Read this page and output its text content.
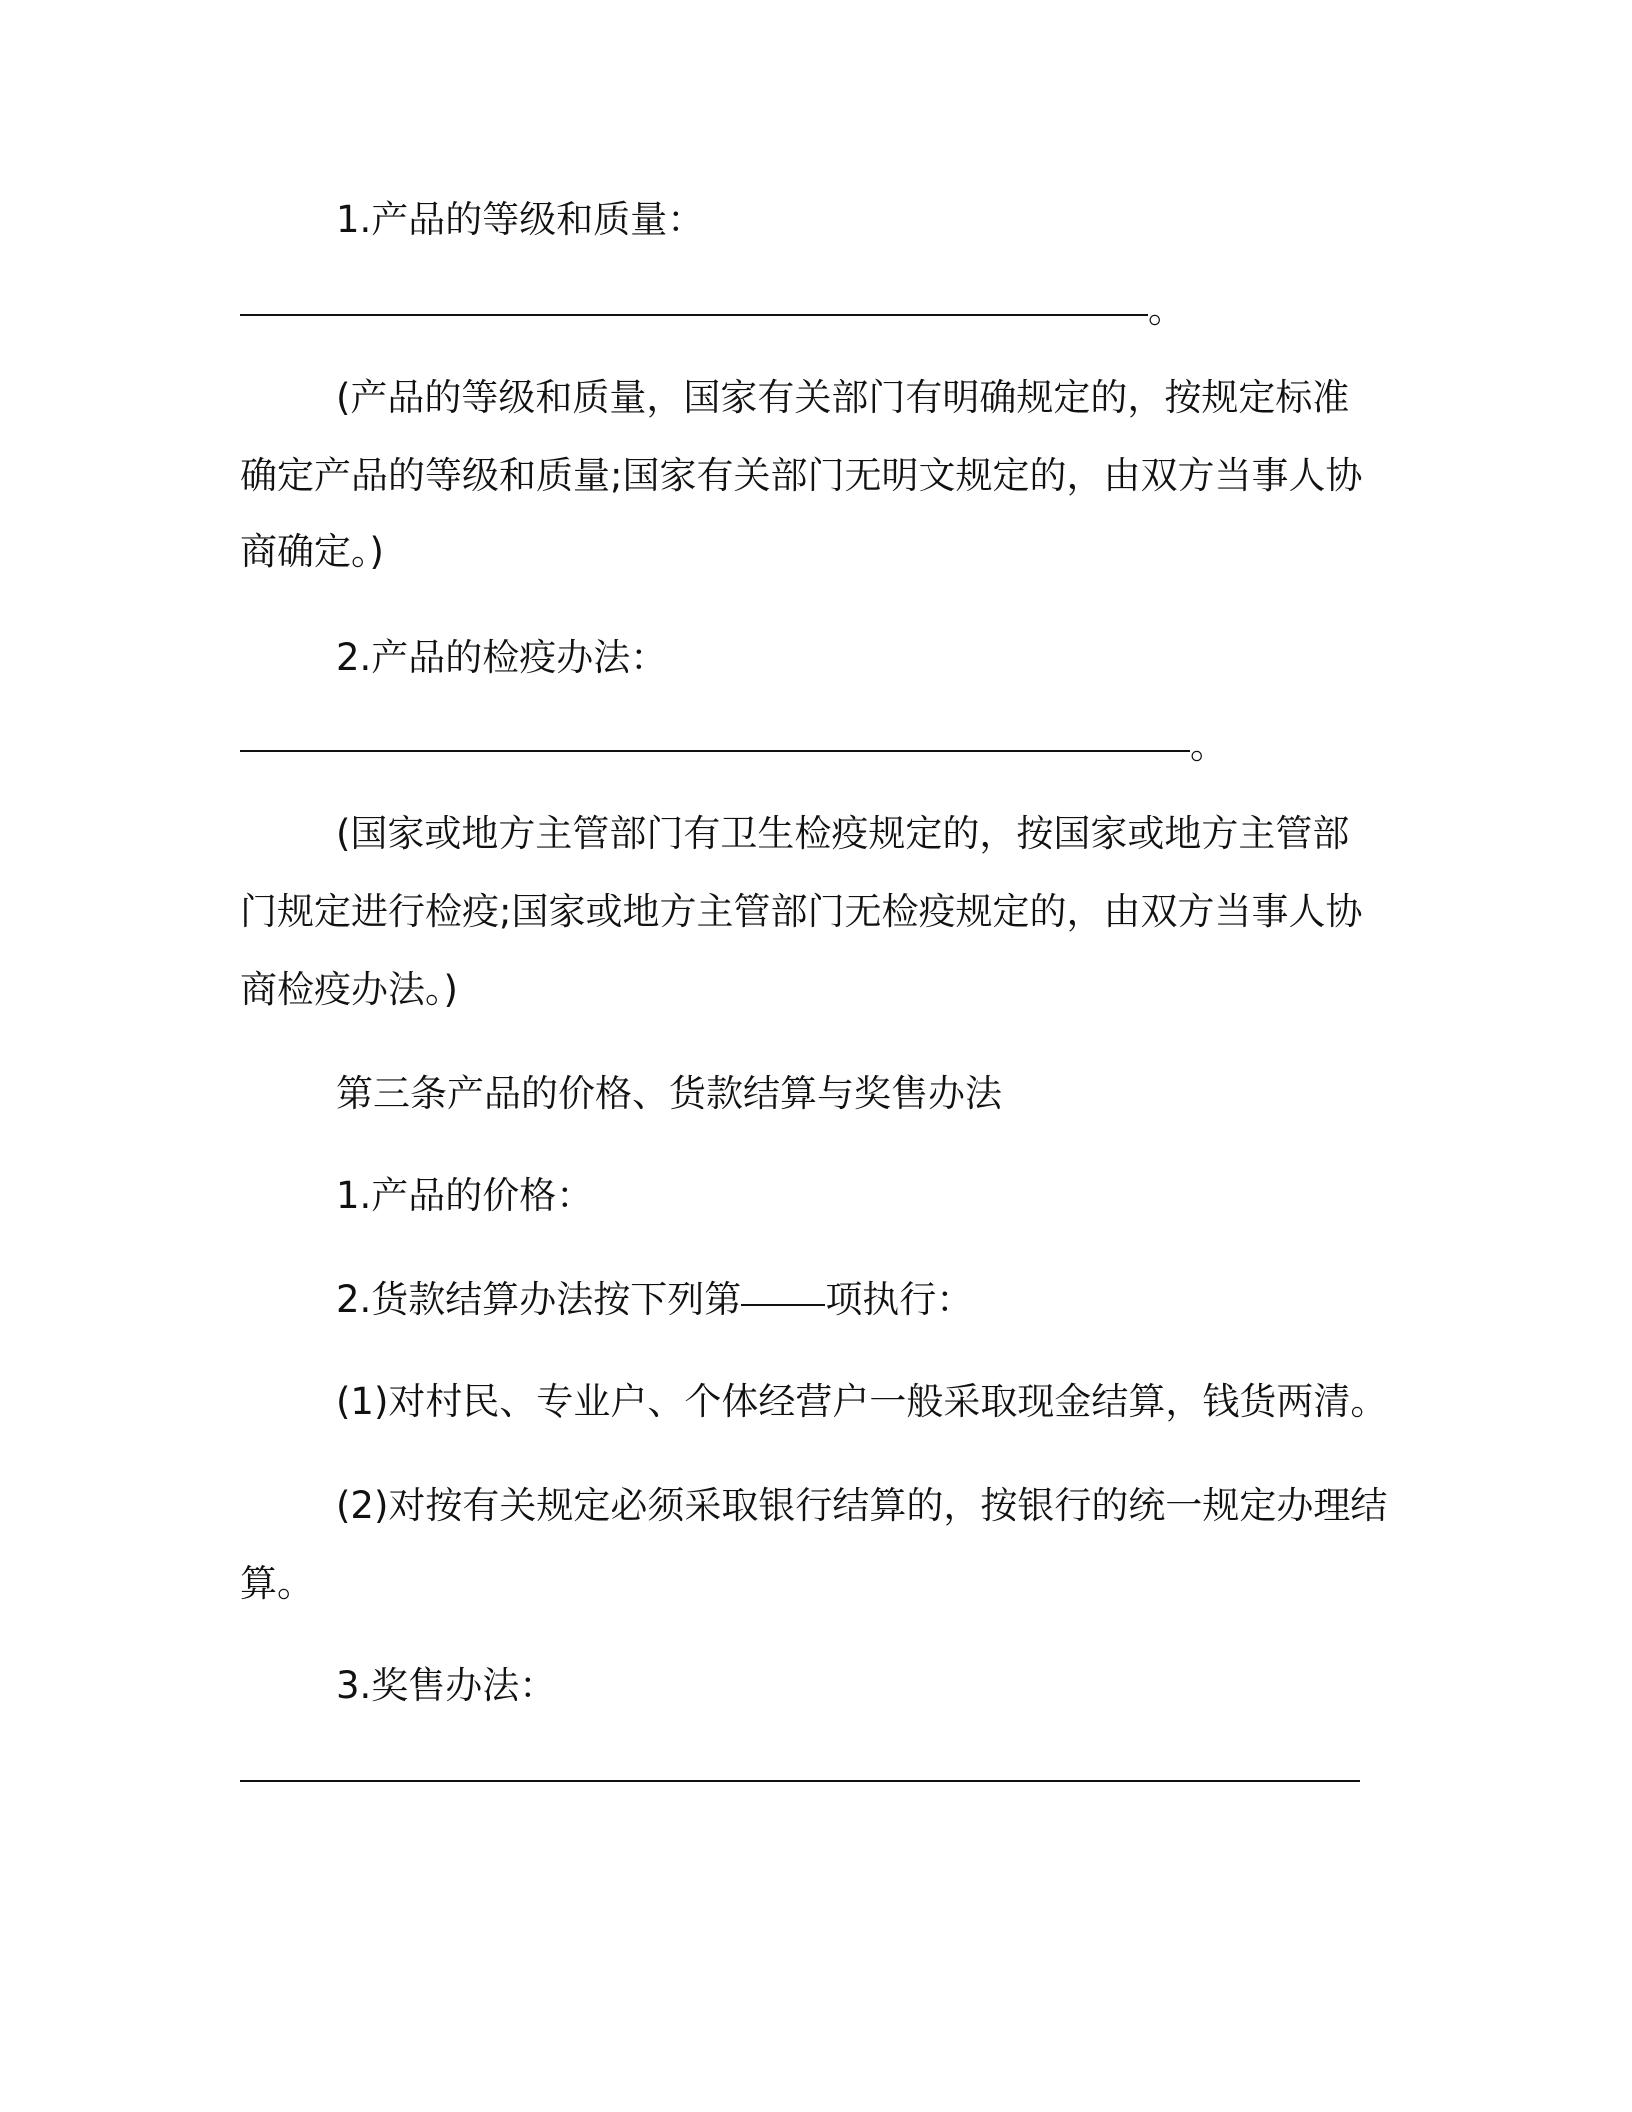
1.产品的等级和质量：
。
(产品的等级和质量，国家有关部门有明确规定的，按规定标准
确定产品的等级和质量;国家有关部门无明文规定的，由双方当事人协
商确定。)
2.产品的检疫办法：
。
(国家或地方主管部门有卫生检疫规定的，按国家或地方主管部
门规定进行检疫;国家或地方主管部门无检疫规定的，由双方当事人协
商检疫办法。)
第三条产品的价格、货款结算与奖售办法
1.产品的价格：
2.货款结算办法按下列第 项执行：
(1)对村民、专业户、个体经营户一般采取现金结算，钱货两清。
(2)对按有关规定必须采取银行结算的，按银行的统一规定办理结
算。
3.奖售办法：
